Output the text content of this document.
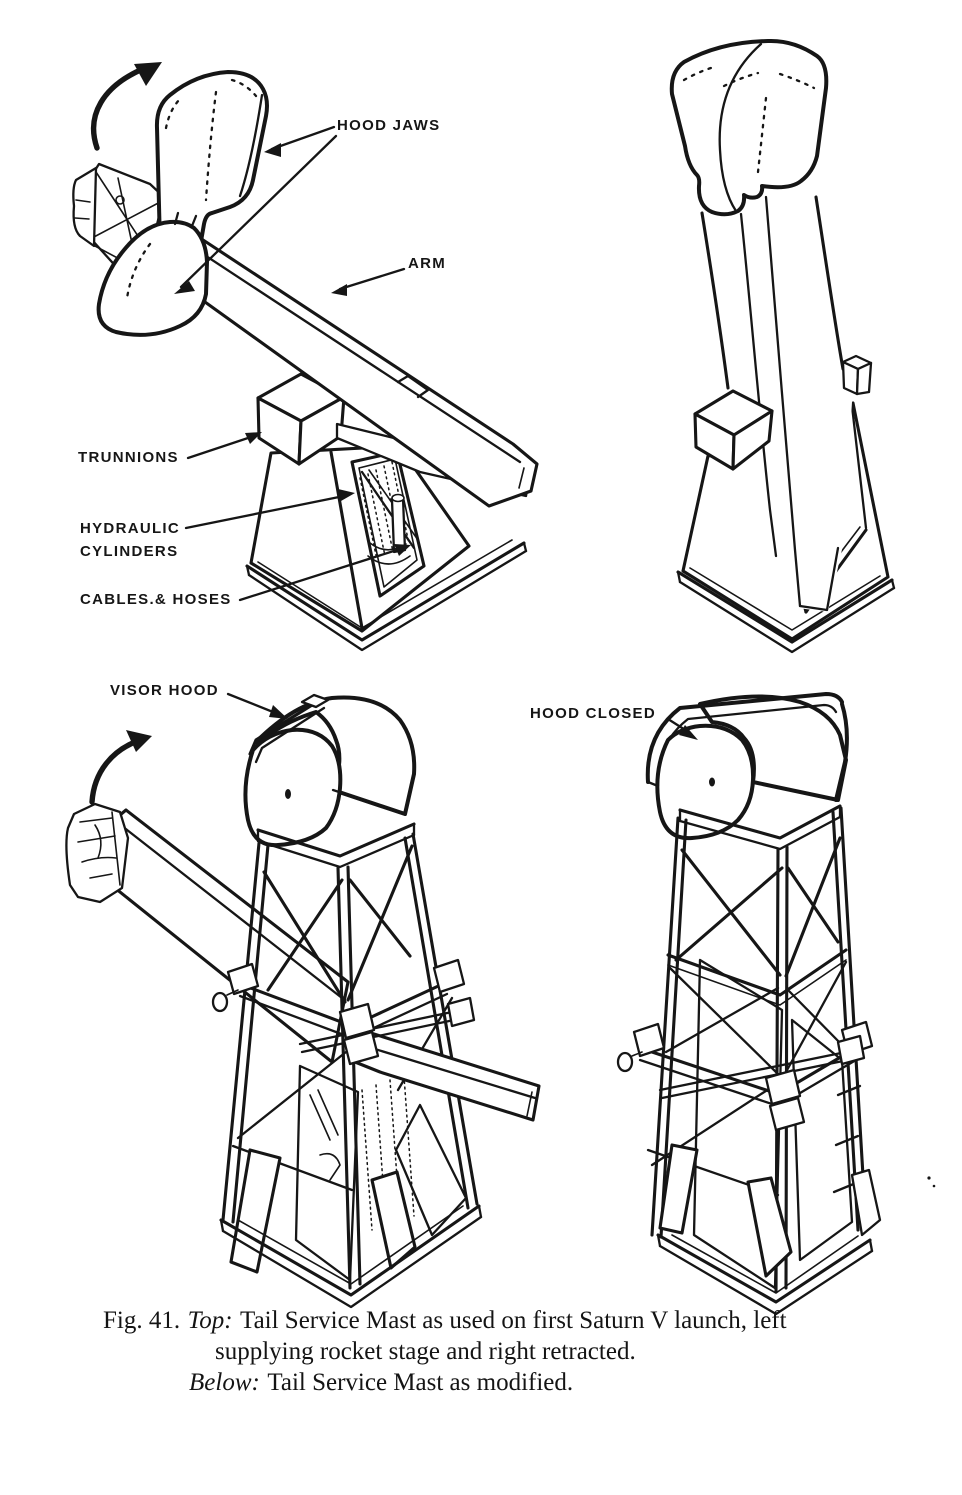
HOOD JAWS
ARM
TRUNNIONS
HYDRAULIC
CYLINDERS
CABLES.& HOSES
VISOR HOOD
HOOD CLOSED
Fig. 41. Top: Tail Service Mast as used on first Saturn V launch, left
supplying rocket stage and right retracted.
Below: Tail Service Mast as modified.
